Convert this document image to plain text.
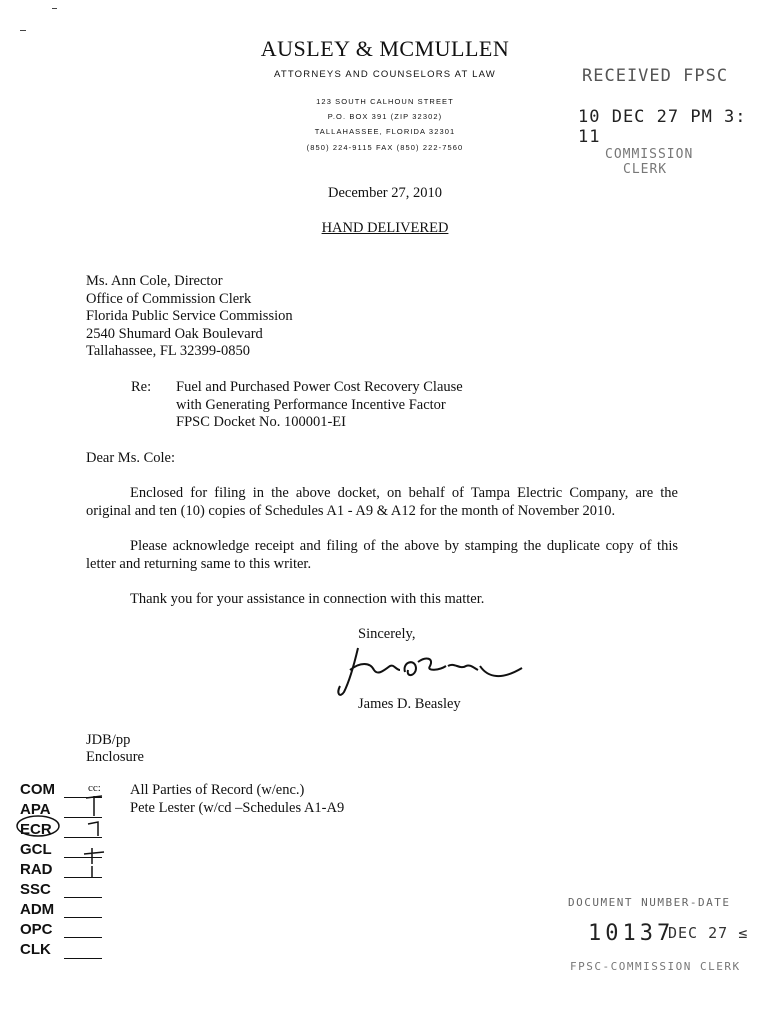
AUSLEY & MCMULLEN
ATTORNEYS AND COUNSELORS AT LAW
123 SOUTH CALHOUN STREET
P.O. BOX 391 (ZIP 32302)
TALLAHASSEE, FLORIDA 32301
(850) 224-9115 FAX (850) 222-7560
RECEIVED FPSC
10 DEC 27 PM 3: 11
COMMISSION
CLERK
December 27, 2010
HAND DELIVERED
Ms. Ann Cole, Director
Office of Commission Clerk
Florida Public Service Commission
2540 Shumard Oak Boulevard
Tallahassee, FL 32399-0850
Re: Fuel and Purchased Power Cost Recovery Clause
with Generating Performance Incentive Factor
FPSC Docket No. 100001-EI
Dear Ms. Cole:
Enclosed for filing in the above docket, on behalf of Tampa Electric Company, are the original and ten (10) copies of Schedules A1 - A9 & A12 for the month of November 2010.
Please acknowledge receipt and filing of the above by stamping the duplicate copy of this letter and returning same to this writer.
Thank you for your assistance in connection with this matter.
Sincerely,
James D. Beasley
JDB/pp
Enclosure
cc: All Parties of Record (w/enc.)
Pete Lester (w/cd –Schedules A1-A9
COM
APA
ECR
GCL
RAD
SSC
ADM
OPC
CLK
DOCUMENT NUMBER-DATE
10137
DEC 27 ≤
FPSC-COMMISSION CLERK
